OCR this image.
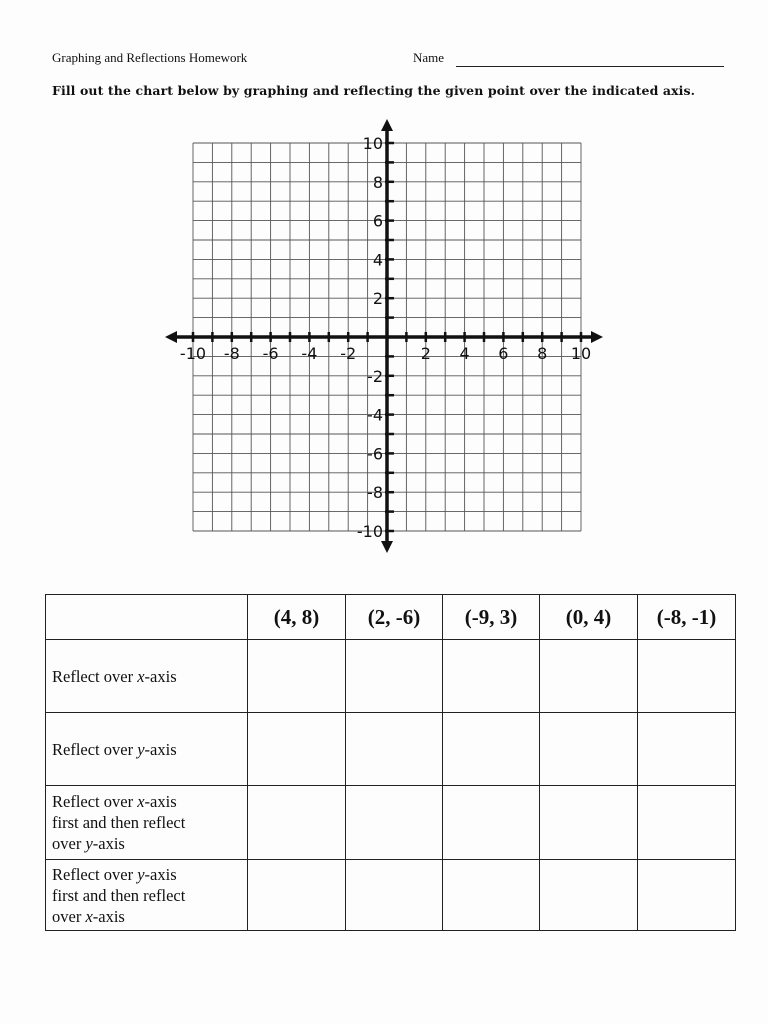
Graphing and Reflections Homework	Name
Fill out the chart below by graphing and reflecting the given point over the indicated axis.
-10 -8 -6 -4 -2	2 4 6 8 10
10
8
6
4
2
-2
-4
-6
-8
-10
	(4, 8)	(2, -6)	(-9, 3)	(0, 4)	(-8, -1)
Reflect over x-axis					
Reflect over y-axis					
Reflect over x-axis
first and then reflect
over y-axis					
Reflect over y-axis
first and then reflect
over x-axis					
